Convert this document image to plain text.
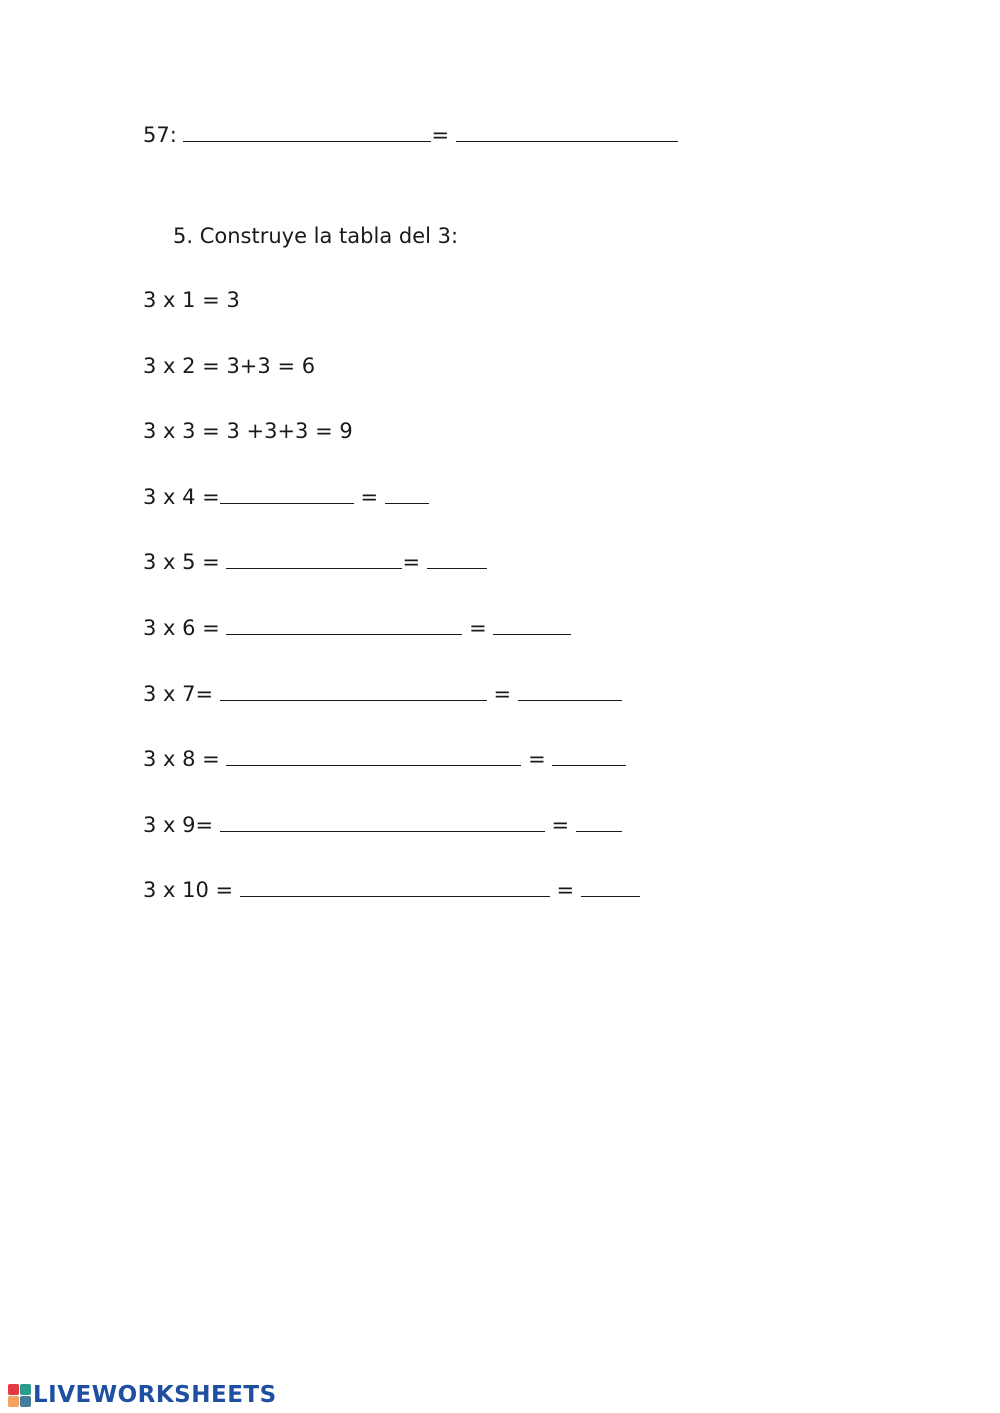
57:	=
5. Construye la tabla del 3:
3 x 1 = 3
3 x 2 = 3+3 = 6
3 x 3 = 3 +3+3 = 9
3 x 4 =	=
3 x 5 =	=
3 x 6 =	=
3 x 7=	=
3 x 8 =	=
3 x 9=	=
3 x 10 =	=
LIVEWORKSHEETS
